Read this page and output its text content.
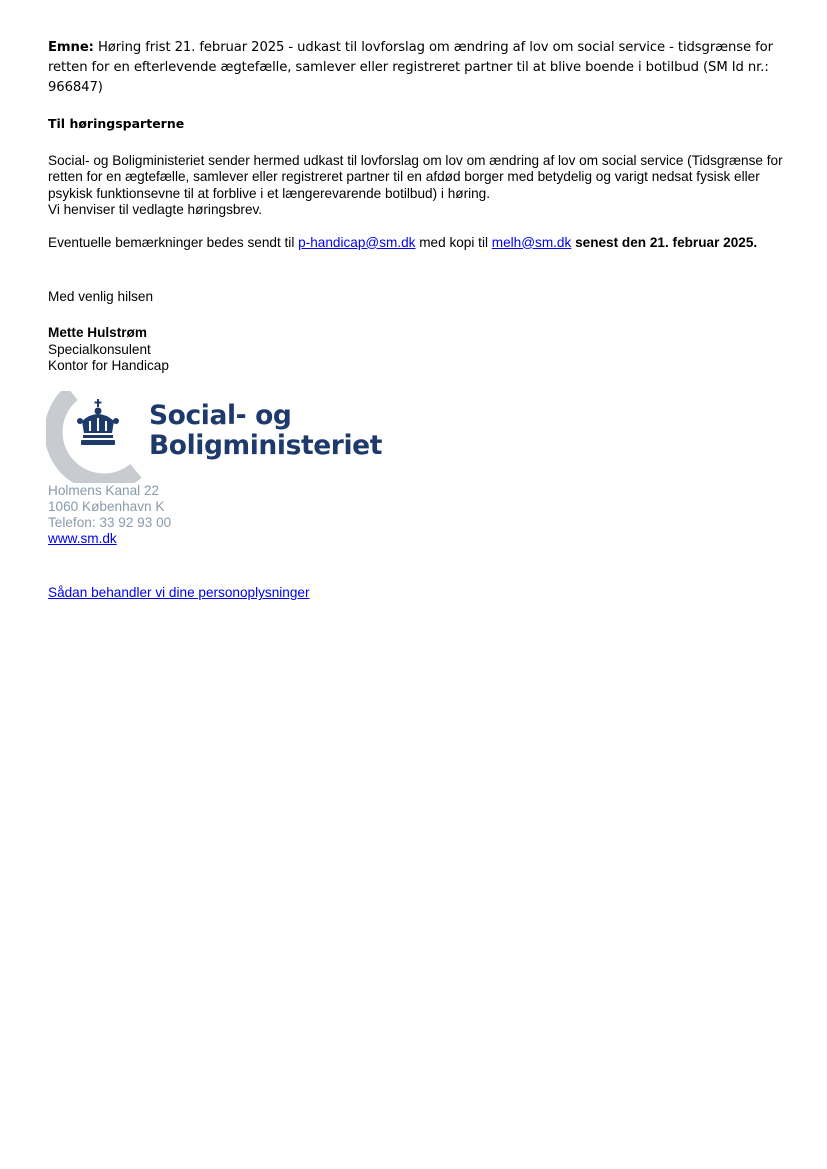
Emne: Høring frist 21. februar 2025 - udkast til lovforslag om ændring af lov om social service - tidsgrænse for retten for en efterlevende ægtefælle, samlever eller registreret partner til at blive boende i botilbud (SM Id nr.: 966847)

Til høringsparterne

Social- og Boligministeriet sender hermed udkast til lovforslag om lov om ændring af lov om social service (Tidsgrænse for retten for en ægtefælle, samlever eller registreret partner til en afdød borger med betydelig og varigt nedsat fysisk eller psykisk funktionsevne til at forblive i et længerevarende botilbud) i høring.

Vi henviser til vedlagte høringsbrev.

Eventuelle bemærkninger bedes sendt til p-handicap@sm.dk med kopi til melh@sm.dk senest den 21. februar 2025.

Med venlig hilsen

Mette Hulstrøm

Specialkonsulent

Kontor for Handicap

Social- og
Boligministeriet

Holmens Kanal 22

1060 København K

Telefon: 33 92 93 00

www.sm.dk

Sådan behandler vi dine personoplysninger
